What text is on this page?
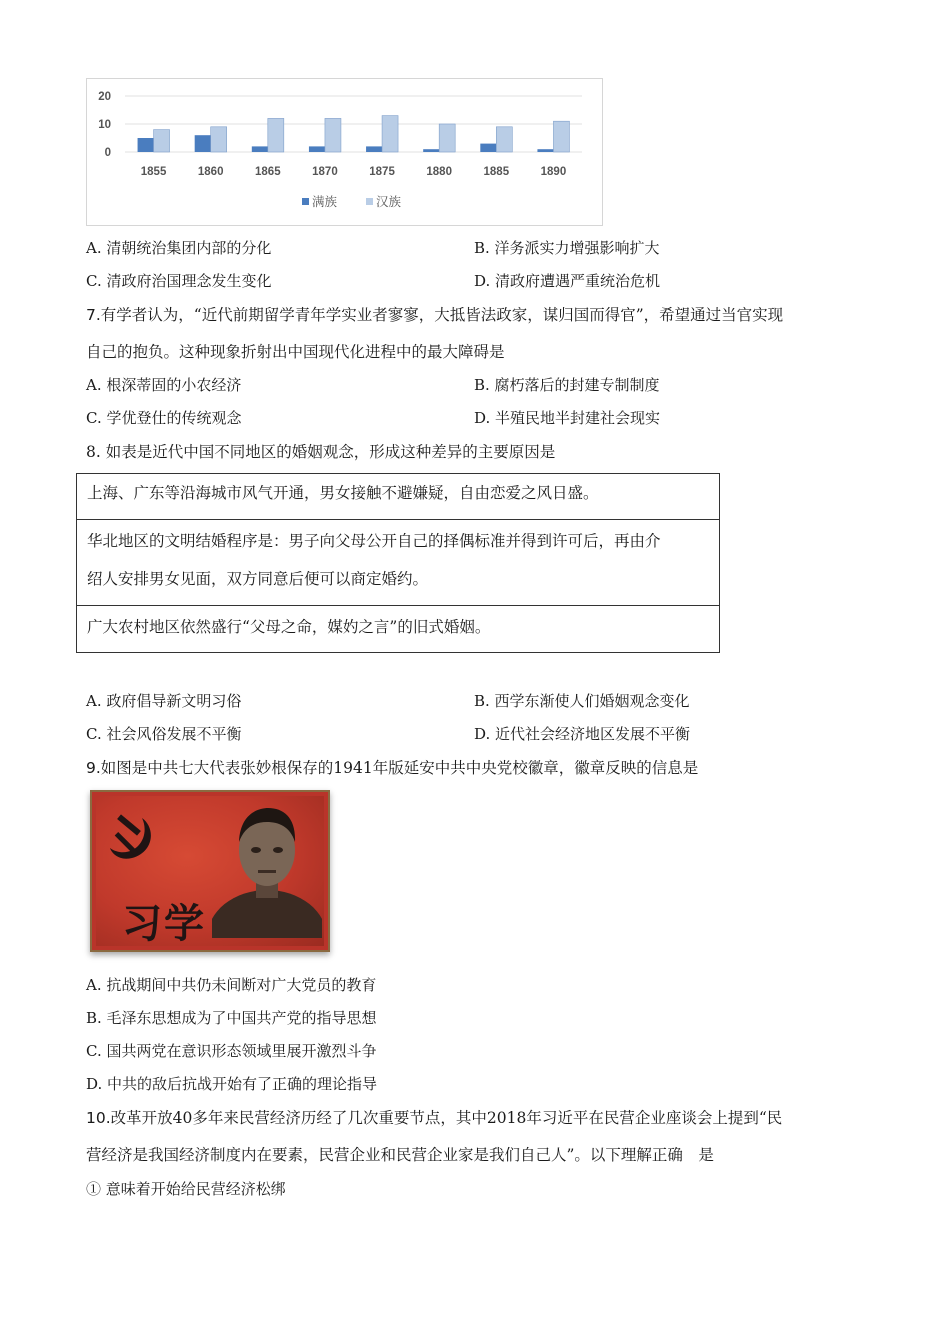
20
10
0
1855	1860	1865	1870	1875	1880	1885	1890
满族	汉族
A. 清朝统治集团内部的分化	B. 洋务派实力增强影响扩大
C. 清政府治国理念发生变化	D. 清政府遭遇严重统治危机
7.有学者认为，“近代前期留学青年学实业者寥寥，大抵皆法政家，谋归国而得官”，希望通过当官实现
自己的抱负。这种现象折射出中国现代化进程中的最大障碍是
A. 根深蒂固的小农经济	B. 腐朽落后的封建专制制度
C. 学优登仕的传统观念	D. 半殖民地半封建社会现实
8. 如表是近代中国不同地区的婚姻观念，形成这种差异的主要原因是
上海、广东等沿海城市风气开通，男女接触不避嫌疑，自由恋爱之风日盛。
华北地区的文明结婚程序是：男子向父母公开自己的择偶标准并得到许可后，再由介
绍人安排男女见面，双方同意后便可以商定婚约。
广大农村地区依然盛行“父母之命，媒妁之言”的旧式婚姻。
A. 政府倡导新文明习俗	B. 西学东渐使人们婚姻观念变化
C. 社会风俗发展不平衡	D. 近代社会经济地区发展不平衡
9.如图是中共七大代表张妙根保存的1941年版延安中共中央党校徽章，徽章反映的信息是
习学
A. 抗战期间中共仍未间断对广大党员的教育
B. 毛泽东思想成为了中国共产党的指导思想
C. 国共两党在意识形态领域里展开激烈斗争
D. 中共的敌后抗战开始有了正确的理论指导
10.改革开放40多年来民营经济历经了几次重要节点，其中2018年习近平在民营企业座谈会上提到“民
营经济是我国经济制度内在要素，民营企业和民营企业家是我们自己人”。以下理解正确　是
① 意味着开始给民营经济松绑
